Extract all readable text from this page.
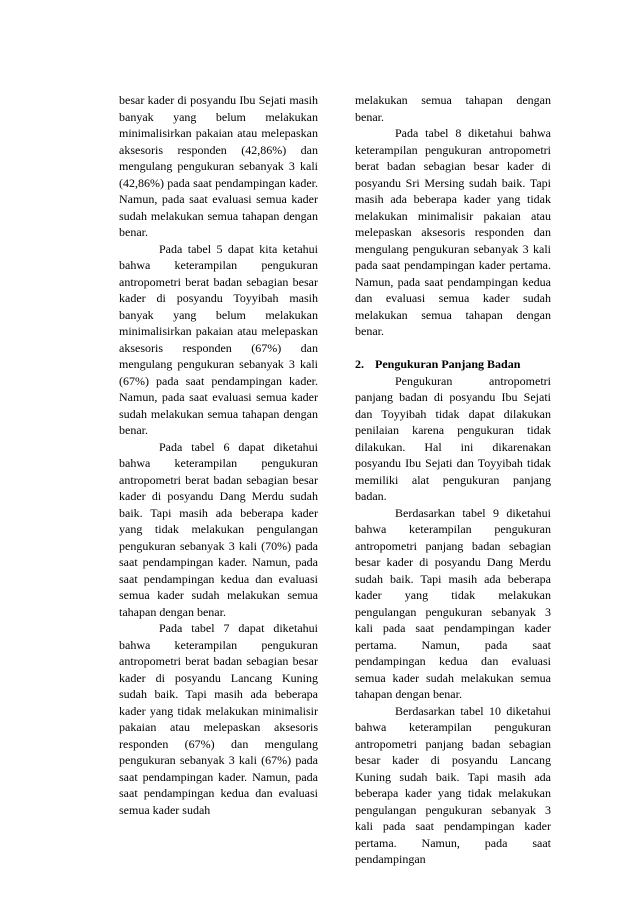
besar kader di posyandu Ibu Sejati masih banyak yang belum melakukan minimalisirkan pakaian atau melepaskan aksesoris responden (42,86%) dan mengulang pengukuran sebanyak 3 kali (42,86%) pada saat pendampingan kader. Namun, pada saat evaluasi semua kader sudah melakukan semua tahapan dengan benar.

Pada tabel 5 dapat kita ketahui bahwa keterampilan pengukuran antropometri berat badan sebagian besar kader di posyandu Toyyibah masih banyak yang belum melakukan minimalisirkan pakaian atau melepaskan aksesoris responden (67%) dan mengulang pengukuran sebanyak 3 kali (67%) pada saat pendampingan kader. Namun, pada saat evaluasi semua kader sudah melakukan semua tahapan dengan benar.

Pada tabel 6 dapat diketahui bahwa keterampilan pengukuran antropometri berat badan sebagian besar kader di posyandu Dang Merdu sudah baik. Tapi masih ada beberapa kader yang tidak melakukan pengulangan pengukuran sebanyak 3 kali (70%) pada saat pendampingan kader. Namun, pada saat pendampingan kedua dan evaluasi semua kader sudah melakukan semua tahapan dengan benar.

Pada tabel 7 dapat diketahui bahwa keterampilan pengukuran antropometri berat badan sebagian besar kader di posyandu Lancang Kuning sudah baik. Tapi masih ada beberapa kader yang tidak melakukan minimalisir pakaian atau melepaskan aksesoris responden (67%) dan mengulang pengukuran sebanyak 3 kali (67%) pada saat pendampingan kader. Namun, pada saat pendampingan kedua dan evaluasi semua kader sudah

melakukan semua tahapan dengan benar.

Pada tabel 8 diketahui bahwa keterampilan pengukuran antropometri berat badan sebagian besar kader di posyandu Sri Mersing sudah baik. Tapi masih ada beberapa kader yang tidak melakukan minimalisir pakaian atau melepaskan aksesoris responden dan mengulang pengukuran sebanyak 3 kali pada saat pendampingan kader pertama. Namun, pada saat pendampingan kedua dan evaluasi semua kader sudah melakukan semua tahapan dengan benar.

2. Pengukuran Panjang Badan

Pengukuran antropometri panjang badan di posyandu Ibu Sejati dan Toyyibah tidak dapat dilakukan penilaian karena pengukuran tidak dilakukan. Hal ini dikarenakan posyandu Ibu Sejati dan Toyyibah tidak memiliki alat pengukuran panjang badan.

Berdasarkan tabel 9 diketahui bahwa keterampilan pengukuran antropometri panjang badan sebagian besar kader di posyandu Dang Merdu sudah baik. Tapi masih ada beberapa kader yang tidak melakukan pengulangan pengukuran sebanyak 3 kali pada saat pendampingan kader pertama. Namun, pada saat pendampingan kedua dan evaluasi semua kader sudah melakukan semua tahapan dengan benar.

Berdasarkan tabel 10 diketahui bahwa keterampilan pengukuran antropometri panjang badan sebagian besar kader di posyandu Lancang Kuning sudah baik. Tapi masih ada beberapa kader yang tidak melakukan pengulangan pengukuran sebanyak 3 kali pada saat pendampingan kader pertama. Namun, pada saat pendampingan
